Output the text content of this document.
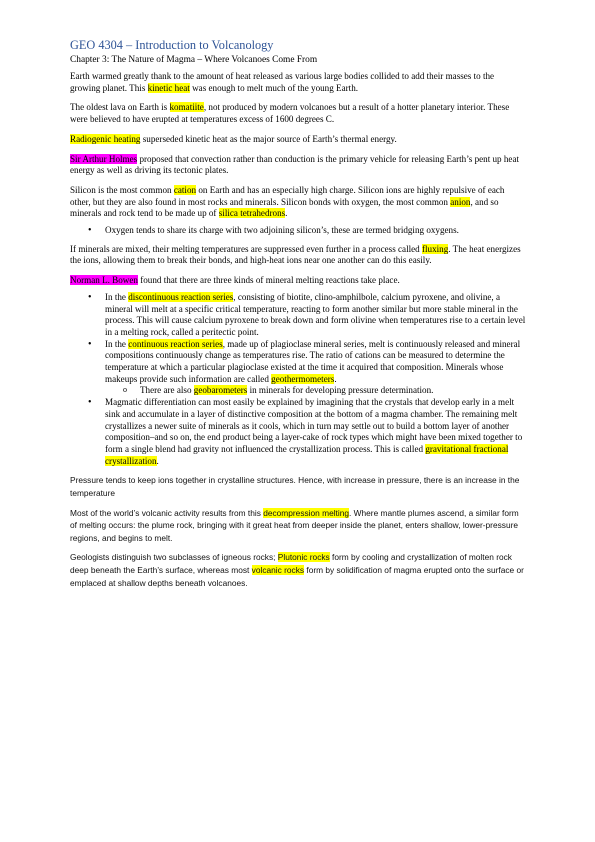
GEO 4304 – Introduction to Volcanology
Chapter 3: The Nature of Magma – Where Volcanoes Come From

Earth warmed greatly thank to the amount of heat released as various large bodies collided to add their masses to the growing planet. This kinetic heat was enough to melt much of the young Earth.

The oldest lava on Earth is komatiite, not produced by modern volcanoes but a result of a hotter planetary interior. These were believed to have erupted at temperatures excess of 1600 degrees C.

Radiogenic heating superseded kinetic heat as the major source of Earth’s thermal energy.

Sir Arthur Holmes proposed that convection rather than conduction is the primary vehicle for releasing Earth’s pent up heat energy as well as driving its tectonic plates.

Silicon is the most common cation on Earth and has an especially high charge. Silicon ions are highly repulsive of each other, but they are also found in most rocks and minerals. Silicon bonds with oxygen, the most common anion, and so minerals and rock tend to be made up of silica tetrahedrons.

• Oxygen tends to share its charge with two adjoining silicon’s, these are termed bridging oxygens.

If minerals are mixed, their melting temperatures are suppressed even further in a process called fluxing. The heat energizes the ions, allowing them to break their bonds, and high-heat ions near one another can do this easily.

Norman L. Bowen found that there are three kinds of mineral melting reactions take place.

• In the discontinuous reaction series, consisting of biotite, clino-amphilbole, calcium pyroxene, and olivine, a mineral will melt at a specific critical temperature, reacting to form another similar but more stable mineral in the process. This will cause calcium pyroxene to break down and form olivine when temperatures rise to a certain level in a melting rock, called a peritectic point.
• In the continuous reaction series, made up of plagioclase mineral series, melt is continuously released and mineral compositions continuously change as temperatures rise. The ratio of cations can be measured to determine the temperature at which a particular plagioclase existed at the time it acquired that composition. Minerals whose makeups provide such information are called geothermometers.
o There are also geobarometers in minerals for developing pressure determination.
• Magmatic differentiation can most easily be explained by imagining that the crystals that develop early in a melt sink and accumulate in a layer of distinctive composition at the bottom of a magma chamber. The remaining melt crystallizes a newer suite of minerals as it cools, which in turn may settle out to build a bottom layer of another composition–and so on, the end product being a layer-cake of rock types which might have been mixed together to form a single blend had gravity not influenced the crystallization process. This is called gravitational fractional crystallization.

Pressure tends to keep ions together in crystalline structures. Hence, with increase in pressure, there is an increase in the temperature

Most of the world’s volcanic activity results from this decompression melting. Where mantle plumes ascend, a similar form of melting occurs: the plume rock, bringing with it great heat from deeper inside the planet, enters shallow, lower-pressure regions, and begins to melt.

Geologists distinguish two subclasses of igneous rocks; Plutonic rocks form by cooling and crystallization of molten rock deep beneath the Earth’s surface, whereas most volcanic rocks form by solidification of magma erupted onto the surface or emplaced at shallow depths beneath volcanoes.
